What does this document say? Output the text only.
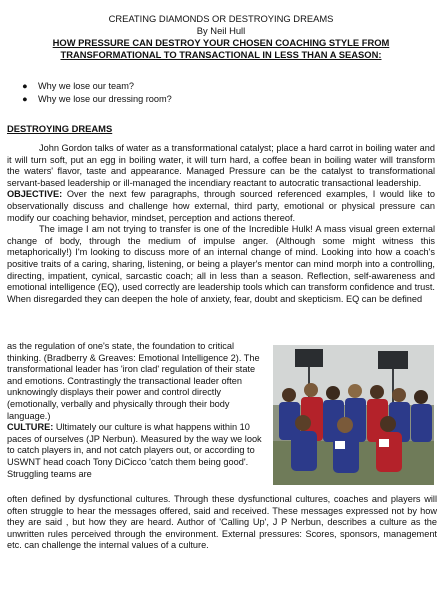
CREATING DIAMONDS OR DESTROYING DREAMS
By Neil Hull
HOW PRESSURE CAN DESTROY YOUR CHOSEN COACHING STYLE FROM TRANSFORMATIONAL TO TRANSACTIONAL IN LESS THAN A SEASON:
● Why we lose our team?
● Why we lose our dressing room?
DESTROYING DREAMS

John Gordon talks of water as a transformational catalyst; place a hard carrot in boiling water and it will turn soft, put an egg in boiling water, it will turn hard, a coffee bean in boiling water will transform the waters' flavor, taste and appearance. Managed Pressure can be the catalyst to transformational servant-based leadership or ill-managed the incendiary reactant to autocratic transactional leadership.

OBJECTIVE: Over the next few paragraphs, through sourced referenced examples, I would like to observationally discuss and challenge how external, third party, emotional or physical pressure can modify our coaching behavior, mindset, perception and actions thereof.

The image I am not trying to transfer is one of the Incredible Hulk! A mass visual green external change of body, through the medium of impulse anger. (Although some might witness this metaphorically!) I'm looking to discuss more of an internal change of mind. Looking into how a coach's positive traits of a caring, sharing, listening, or being a player's mentor can mind morph into a controlling, directing, impatient, cynical, sarcastic coach; all in less than a season. Reflection, self-awareness and emotional intelligence (EQ), used correctly are leadership tools which can transform confidence and trust. When disregarded they can deepen the hole of anxiety, fear, doubt and skepticism. EQ can be defined

as the regulation of one's state, the foundation to critical thinking. (Bradberry & Greaves: Emotional Intelligence 2). The transformational leader has 'iron clad' regulation of their state and emotions. Contrastingly the transactional leader often unknowingly displays their power and control directly (emotionally, verbally and physically through their body language.)

CULTURE: Ultimately our culture is what happens within 10 paces of ourselves (JP Nerbun). Measured by the way we look to catch players in, and not catch players out, or according to USWNT head coach Tony DiCicco 'catch them being good'. Struggling teams are

often defined by dysfunctional cultures. Through these dysfunctional cultures, coaches and players will often struggle to hear the messages offered, said and received. These messages expressed not by how they are said , but how they are heard. Author of 'Calling Up', J P Nerbun, describes a culture as the unwritten rules perceived through the environment. External pressures: Scores, sponsors, management etc. can challenge the internal values of a culture.
